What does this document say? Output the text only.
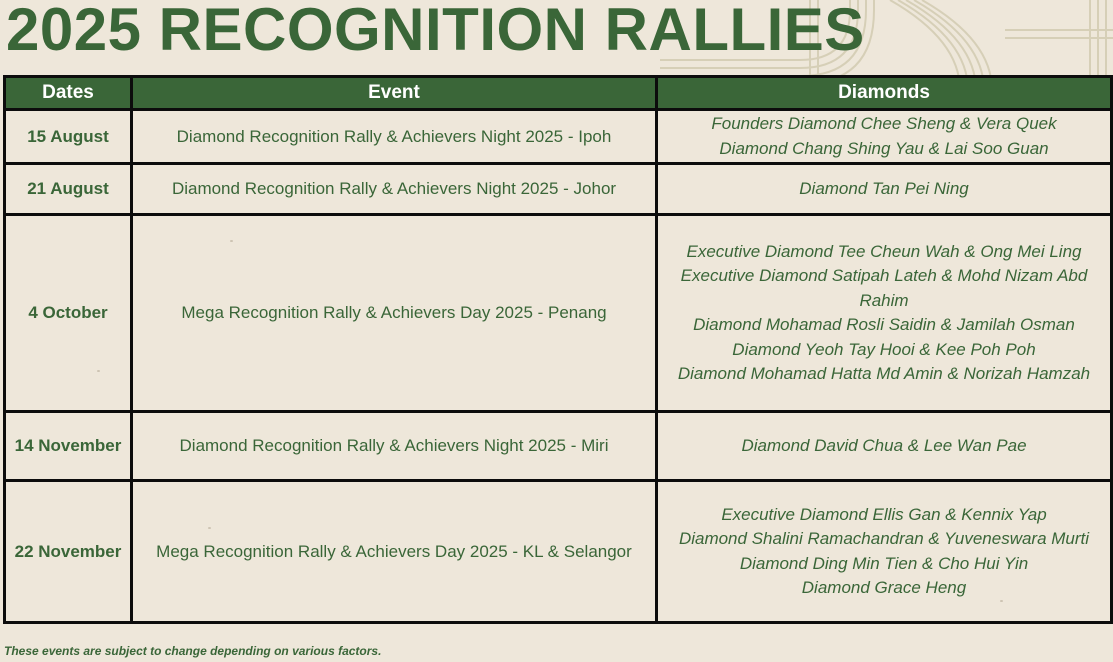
2025 RECOGNITION RALLIES
Dates	Event	Diamonds
15 August	Diamond Recognition Rally & Achievers Night 2025 - Ipoh	Founders Diamond Chee Sheng & Vera Quek
Diamond Chang Shing Yau & Lai Soo Guan

21 August	Diamond Recognition Rally & Achievers Night 2025 - Johor	Diamond Tan Pei Ning

4 October	Mega Recognition Rally & Achievers Day 2025 - Penang	Executive Diamond Tee Cheun Wah & Ong Mei Ling
Executive Diamond Satipah Lateh & Mohd Nizam Abd Rahim
Diamond Mohamad Rosli Saidin & Jamilah Osman
Diamond Yeoh Tay Hooi & Kee Poh Poh
Diamond Mohamad Hatta Md Amin & Norizah Hamzah

14 November	Diamond Recognition Rally & Achievers Night 2025 - Miri	Diamond David Chua & Lee Wan Pae

22 November	Mega Recognition Rally & Achievers Day 2025 - KL & Selangor	Executive Diamond Ellis Gan & Kennix Yap
Diamond Shalini Ramachandran & Yuveneswara Murti
Diamond Ding Min Tien & Cho Hui Yin
Diamond Grace Heng
These events are subject to change depending on various factors.
